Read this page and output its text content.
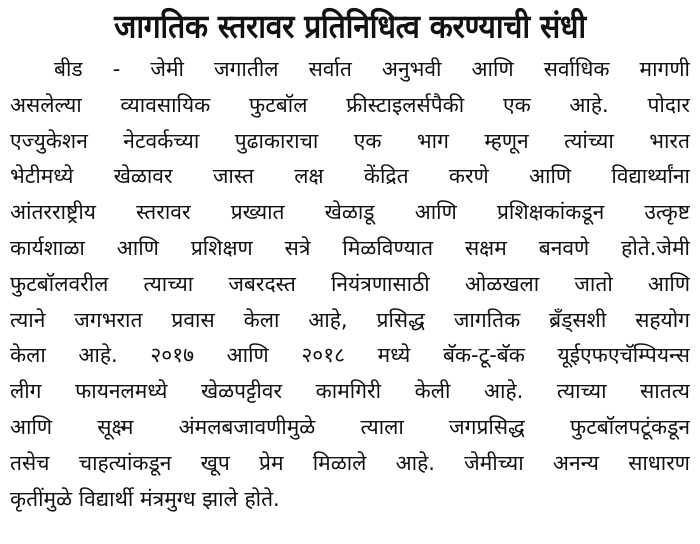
जागतिक स्तरावर प्रतिनिधित्व करण्याची संधी
बीड - जेमी जगातील सर्वात अनुभवी आणि सर्वाधिक मागणी
असलेल्या व्यावसायिक फुटबॉल फ्रीस्टाइलर्सपैकी एक आहे. पोदार
एज्युकेशन नेटवर्कच्या पुढाकाराचा एक भाग म्हणून त्यांच्या भारत
भेटीमध्ये खेळावर जास्त लक्ष केंद्रित करणे आणि विद्यार्थ्यांना
आंतरराष्ट्रीय स्तरावर प्रख्यात खेळाडू आणि प्रशिक्षकांकडून उत्कृष्ट
कार्यशाळा आणि प्रशिक्षण सत्रे मिळविण्यात सक्षम बनवणे होते.जेमी
फुटबॉलवरील त्याच्या जबरदस्त नियंत्रणासाठी ओळखला जातो आणि
त्याने जगभरात प्रवास केला आहे, प्रसिद्ध जागतिक ब्रँड्सशी सहयोग
केला आहे. २०१७ आणि २०१८ मध्ये बॅक-टू-बॅक यूईएफएचॅम्पियन्स
लीग फायनलमध्ये खेळपट्टीवर कामगिरी केली आहे. त्याच्या सातत्य
आणि सूक्ष्म अंमलबजावणीमुळे त्याला जगप्रसिद्ध फुटबॉलपटूंकडून
तसेच चाहत्यांकडून खूप प्रेम मिळाले आहे. जेमीच्या अनन्य साधारण
कृतींमुळे विद्यार्थी मंत्रमुग्ध झाले होते.
